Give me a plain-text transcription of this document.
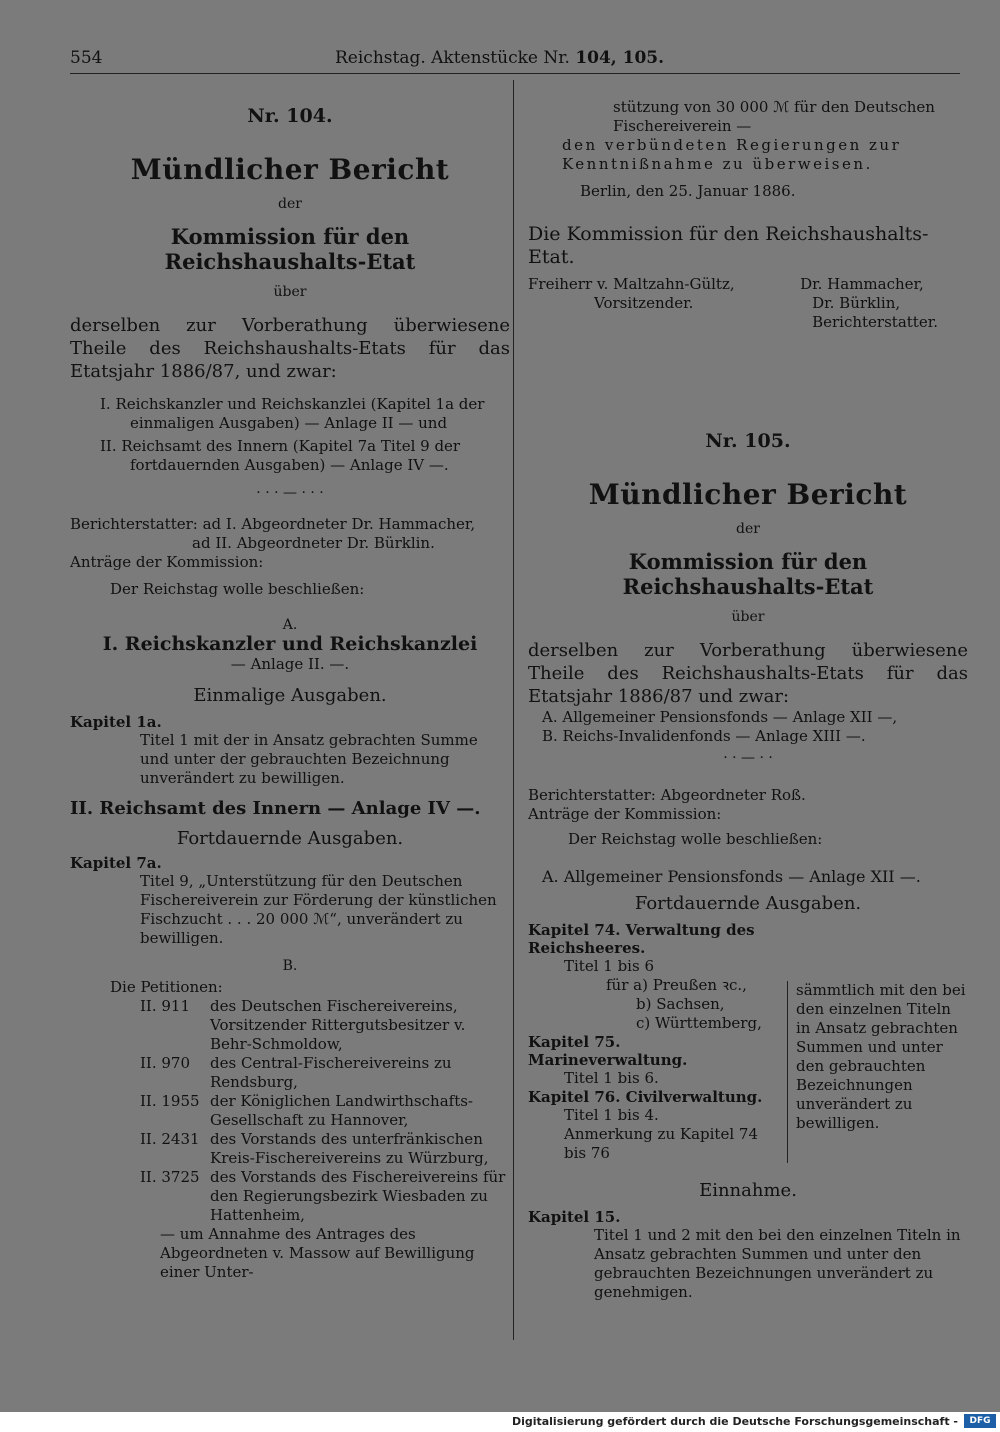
554	Reichstag. Aktenstücke Nr. 104, 105.

Nr. 104.

Mündlicher Bericht

der

Kommission für den Reichshaushalts-Etat

über

derselben zur Vorberathung überwiesene Theile des Reichshaushalts-Etats für das Etatsjahr 1886/87, und zwar:

I. Reichskanzler und Reichskanzlei (Kapitel 1a der einmaligen Ausgaben) — Anlage II — und

II. Reichsamt des Innern (Kapitel 7a Titel 9 der fortdauernden Ausgaben) — Anlage IV —.

· · · — · · ·

Berichterstatter: ad I. Abgeordneter Dr. Hammacher,

ad II. Abgeordneter Dr. Bürklin.

Anträge der Kommission:

Der Reichstag wolle beschließen:

A.

I. Reichskanzler und Reichskanzlei

— Anlage II. —.

Einmalige Ausgaben.

Kapitel 1a.

Titel 1 mit der in Ansatz gebrachten Summe und unter der gebrauchten Bezeichnung unverändert zu bewilligen.

II. Reichsamt des Innern — Anlage IV —.

Fortdauernde Ausgaben.

Kapitel 7a.

Titel 9, „Unterstützung für den Deutschen Fischereiverein zur Förderung der künstlichen Fischzucht . . . 20 000 ℳ“, unverändert zu bewilligen.

B.

Die Petitionen:

II. 911	des Deutschen Fischereivereins, Vorsitzender Rittergutsbesitzer v. Behr-Schmoldow,
II. 970	des Central-Fischereivereins zu Rendsburg,
II. 1955 der Königlichen Landwirthschafts-Gesellschaft zu Hannover,
II. 2431 des Vorstands des unterfränkischen Kreis-Fischereivereins zu Würzburg,
II. 3725 des Vorstands des Fischereivereins für den Regierungsbezirk Wiesbaden zu Hattenheim,

— um Annahme des Antrages des Abgeordneten v. Massow auf Bewilligung einer Unter-

stützung von 30 000 ℳ für den Deutschen Fischereiverein —

den verbündeten Regierungen zur Kenntnißnahme zu überweisen.

Berlin, den 25. Januar 1886.

Die Kommission für den Reichshaushalts-Etat.

Freiherr v. Maltzahn-Gültz,

Vorsitzender.

Dr. Hammacher,

Dr. Bürklin,

Berichterstatter.

Nr. 105.

Mündlicher Bericht

der

Kommission für den Reichshaushalts-Etat

über

derselben zur Vorberathung überwiesene Theile des Reichshaushalts-Etats für das Etatsjahr 1886/87 und zwar:

A. Allgemeiner Pensionsfonds — Anlage XII —,

B. Reichs-Invalidenfonds — Anlage XIII —.

· · — · ·

Berichterstatter: Abgeordneter Roß.

Anträge der Kommission:

Der Reichstag wolle beschließen:

A. Allgemeiner Pensionsfonds — Anlage XII —.

Fortdauernde Ausgaben.

Kapitel 74. Verwaltung des Reichsheeres.

Titel 1 bis 6

für a) Preußen ꝛc.,

b) Sachsen,

c) Württemberg,

Kapitel 75. Marineverwaltung.

Titel 1 bis 6.

Kapitel 76. Civilverwaltung.

Titel 1 bis 4.

Anmerkung zu Kapitel 74 bis 76

sämmtlich mit den bei den einzelnen Titeln in Ansatz gebrachten Summen und unter den gebrauchten Bezeichnungen unverändert zu bewilligen.

Einnahme.

Kapitel 15.

Titel 1 und 2 mit den bei den einzelnen Titeln in Ansatz gebrachten Summen und unter den gebrauchten Bezeichnungen unverändert zu genehmigen.

Digitalisierung gefördert durch die Deutsche Forschungsgemeinschaft -	DFG
